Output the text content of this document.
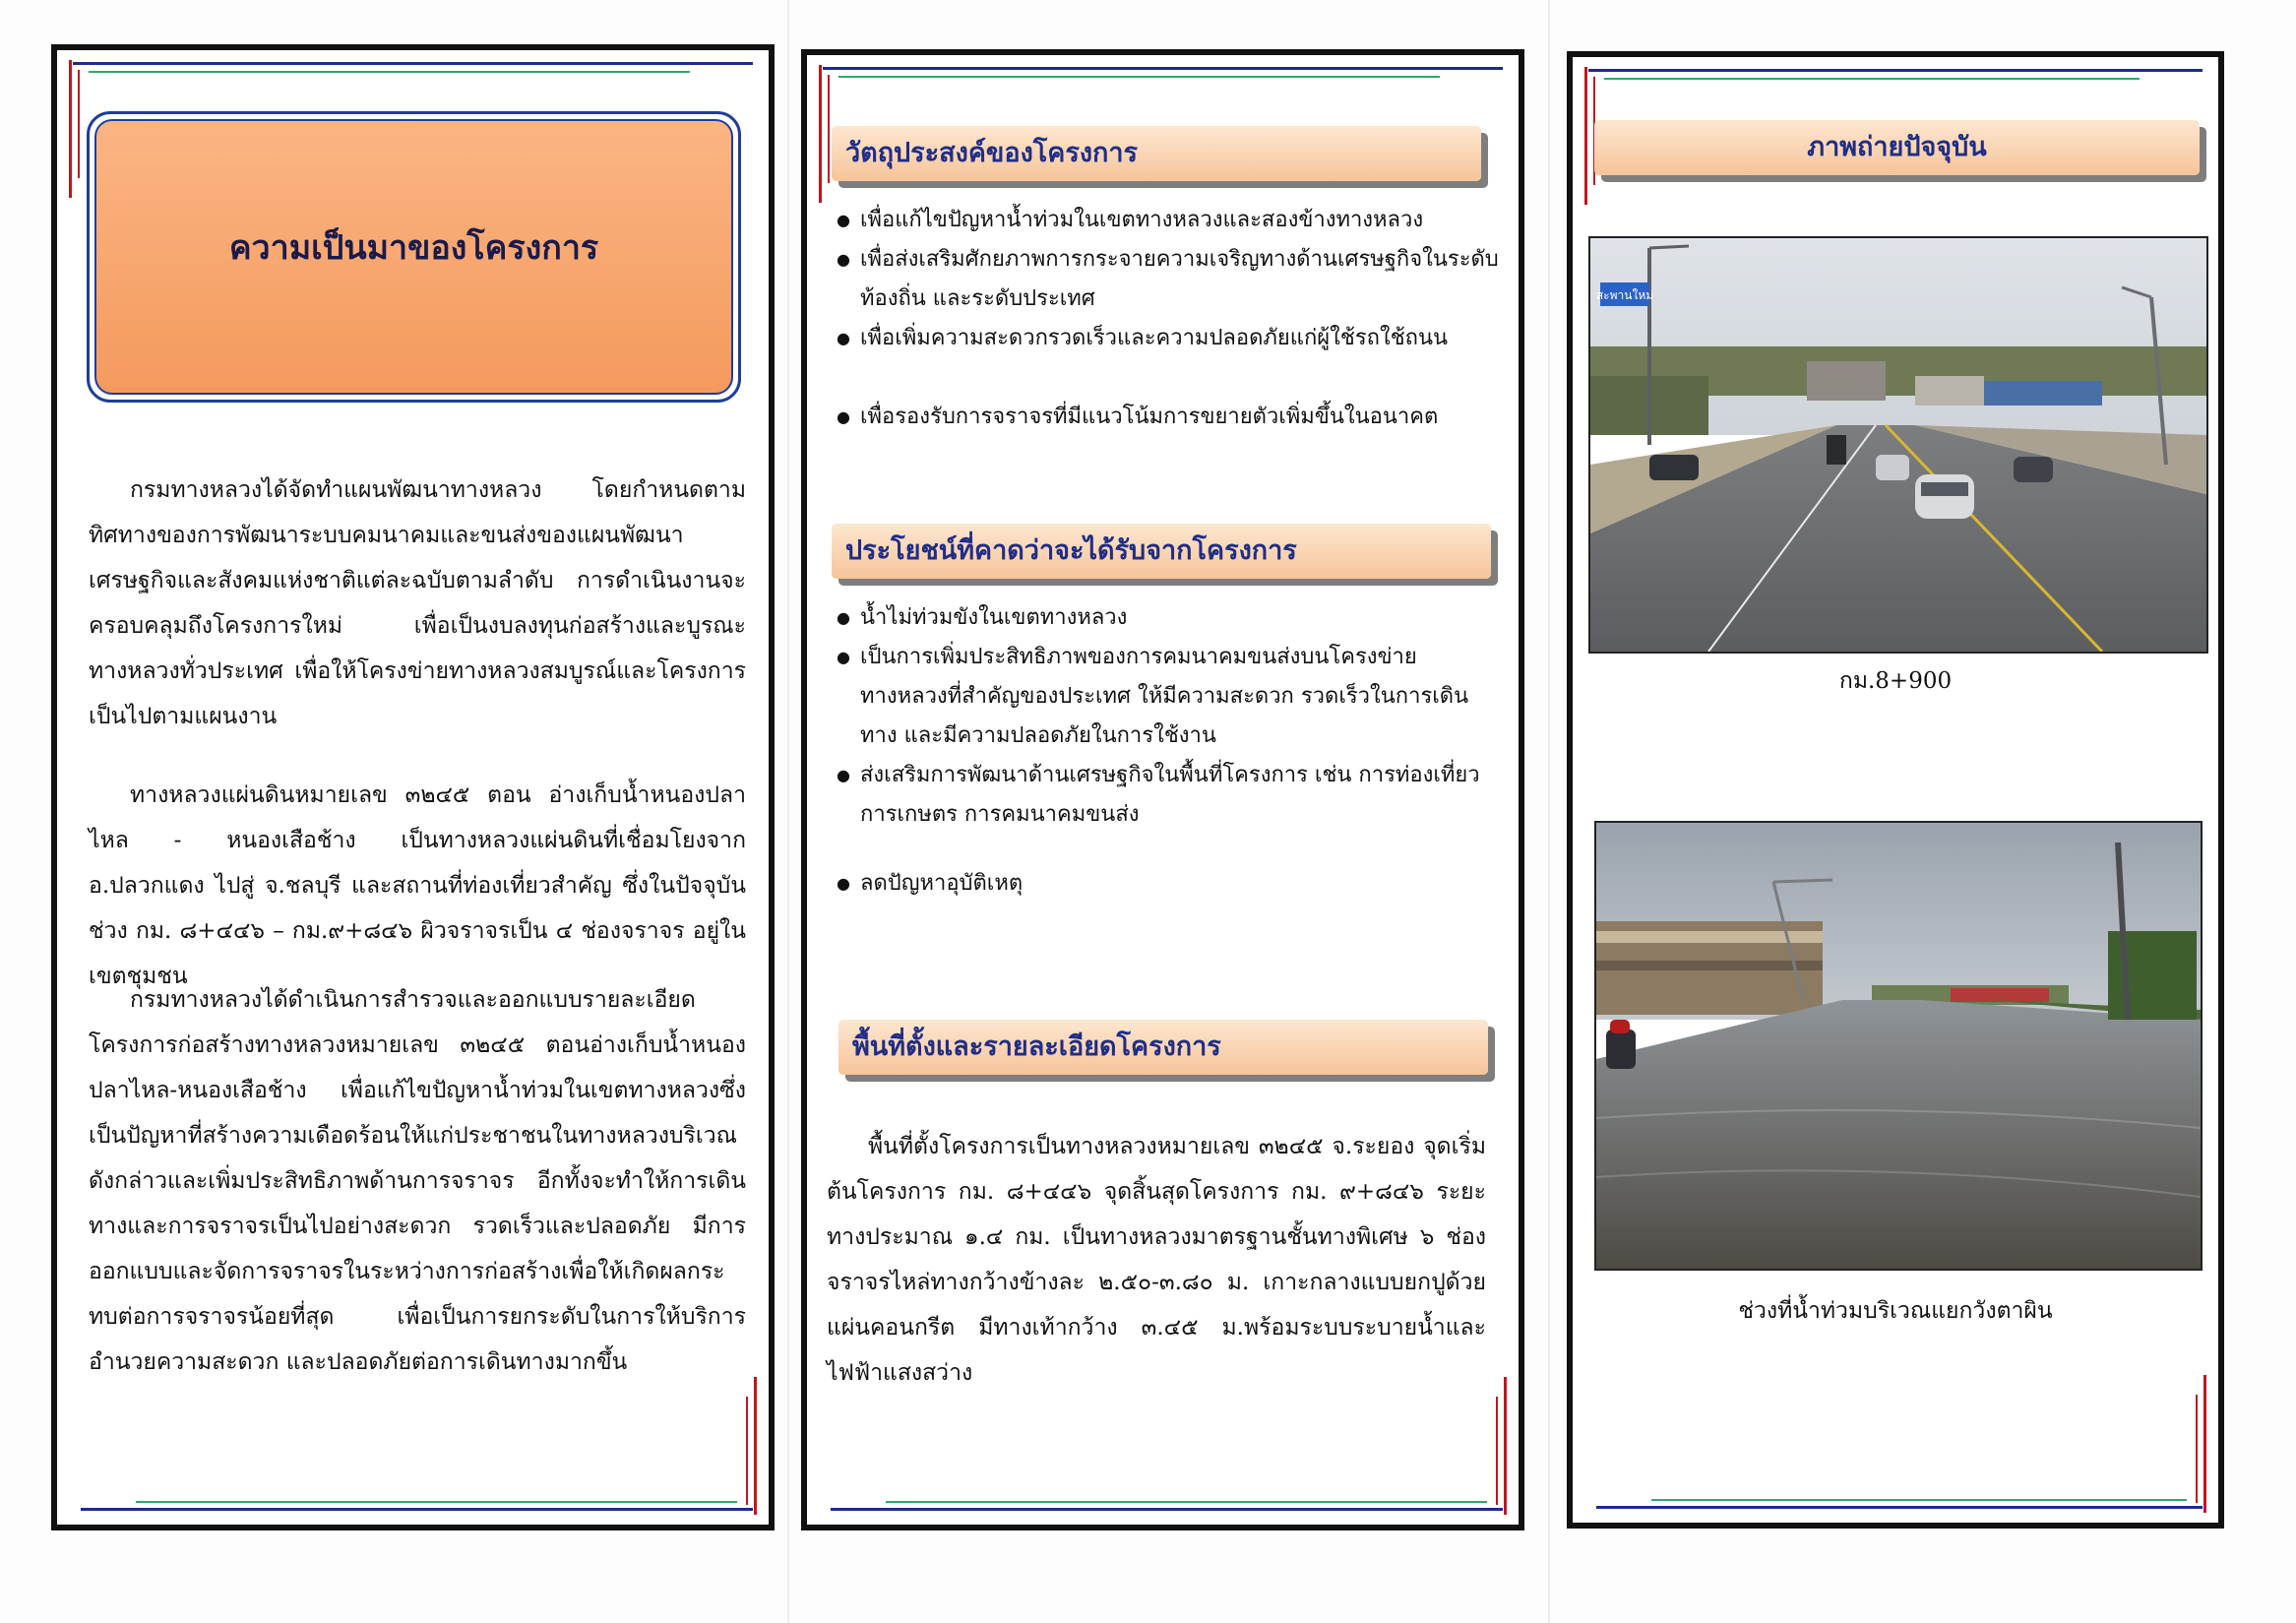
ความเป็นมาของโครงการ

กรมทางหลวงได้จัดทำแผนพัฒนาทางหลวง โดยกำหนดตามทิศทางของการพัฒนาระบบคมนาคมและขนส่งของแผนพัฒนาเศรษฐกิจและสังคมแห่งชาติแต่ละฉบับตามลำดับ การดำเนินงานจะครอบคลุมถึงโครงการใหม่ เพื่อเป็นงบลงทุนก่อสร้างและบูรณะทางหลวงทั่วประเทศ เพื่อให้โครงข่ายทางหลวงสมบูรณ์และโครงการเป็นไปตามแผนงาน

ทางหลวงแผ่นดินหมายเลข ๓๒๔๕ ตอน อ่างเก็บน้ำหนองปลาไหล - หนองเสือช้าง เป็นทางหลวงแผ่นดินที่เชื่อมโยงจาก อ.ปลวกแดง ไปสู่ จ.ชลบุรี และสถานที่ท่องเที่ยวสำคัญ ซึ่งในปัจจุบัน ช่วง กม. ๘+๔๔๖ – กม.๙+๘๔๖ ผิวจราจรเป็น ๔ ช่องจราจร อยู่ในเขตชุมชน

กรมทางหลวงได้ดำเนินการสำรวจและออกแบบรายละเอียดโครงการก่อสร้างทางหลวงหมายเลข ๓๒๔๕ ตอนอ่างเก็บน้ำหนองปลาไหล-หนองเสือช้าง เพื่อแก้ไขปัญหาน้ำท่วมในเขตทางหลวงซึ่งเป็นปัญหาที่สร้างความเดือดร้อนให้แก่ประชาชนในทางหลวงบริเวณดังกล่าวและเพิ่มประสิทธิภาพด้านการจราจร อีกทั้งจะทำให้การเดินทางและการจราจรเป็นไปอย่างสะดวก รวดเร็วและปลอดภัย มีการออกแบบและจัดการจราจรในระหว่างการก่อสร้างเพื่อให้เกิดผลกระทบต่อการจราจรน้อยที่สุด เพื่อเป็นการยกระดับในการให้บริการอำนวยความสะดวก และปลอดภัยต่อการเดินทางมากขึ้น

วัตถุประสงค์ของโครงการ
● เพื่อแก้ไขปัญหาน้ำท่วมในเขตทางหลวงและสองข้างทางหลวง
● เพื่อส่งเสริมศักยภาพการกระจายความเจริญทางด้านเศรษฐกิจในระดับท้องถิ่น และระดับประเทศ
● เพื่อเพิ่มความสะดวกรวดเร็วและความปลอดภัยแก่ผู้ใช้รถใช้ถนน
● เพื่อรองรับการจราจรที่มีแนวโน้มการขยายตัวเพิ่มขึ้นในอนาคต
ประโยชน์ที่คาดว่าจะได้รับจากโครงการ
● น้ำไม่ท่วมขังในเขตทางหลวง
● เป็นการเพิ่มประสิทธิภาพของการคมนาคมขนส่งบนโครงข่ายทางหลวงที่สำคัญของประเทศ ให้มีความสะดวก รวดเร็วในการเดินทาง และมีความปลอดภัยในการใช้งาน
● ส่งเสริมการพัฒนาด้านเศรษฐกิจในพื้นที่โครงการ เช่น การท่องเที่ยว การเกษตร การคมนาคมขนส่ง
● ลดปัญหาอุบัติเหตุ
พื้นที่ตั้งและรายละเอียดโครงการ

พื้นที่ตั้งโครงการเป็นทางหลวงหมายเลข ๓๒๔๕ จ.ระยอง จุดเริ่มต้นโครงการ กม. ๘+๔๔๖ จุดสิ้นสุดโครงการ กม. ๙+๘๔๖ ระยะทางประมาณ ๑.๔ กม. เป็นทางหลวงมาตรฐานชั้นทางพิเศษ ๖ ช่องจราจรไหล่ทางกว้างข้างละ ๒.๕๐-๓.๘๐ ม. เกาะกลางแบบยกปูด้วยแผ่นคอนกรีต มีทางเท้ากว้าง ๓.๔๕ ม.พร้อมระบบระบายน้ำและไฟฟ้าแสงสว่าง

ภาพถ่ายปัจจุบัน
สะพานใหม่
กม.8+900
ช่วงที่น้ำท่วมบริเวณแยกวังตาผิน
